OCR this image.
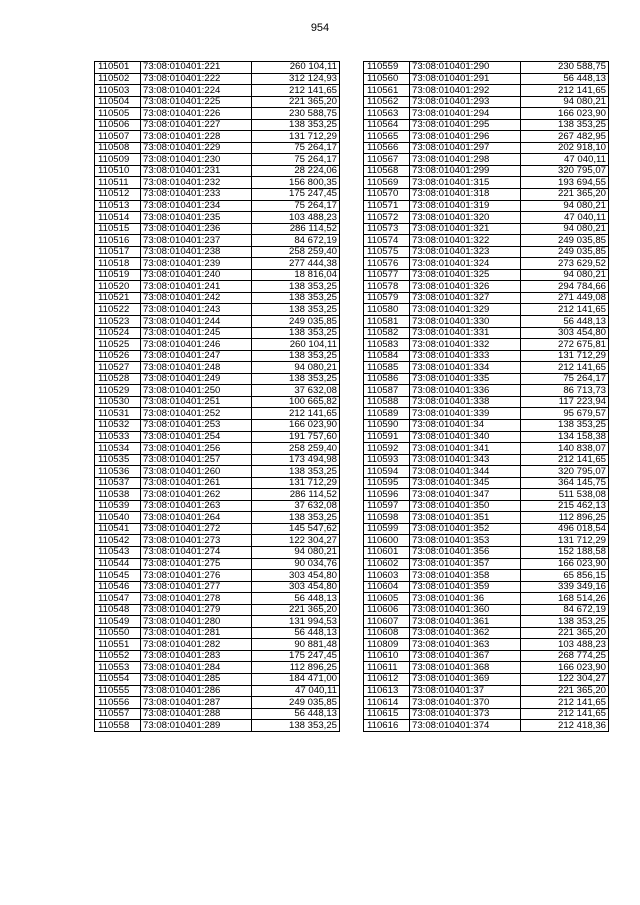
954
110501	73:08:010401:221	260 104,11
110502	73:08:010401:222	312 124,93
110503	73:08:010401:224	212 141,65
110504	73:08:010401:225	221 365,20
110505	73:08:010401:226	230 588,75
110506	73:08:010401:227	138 353,25
110507	73:08:010401:228	131 712,29
110508	73:08:010401:229	75 264,17
110509	73:08:010401:230	75 264,17
110510	73:08:010401:231	28 224,06
110511	73:08:010401:232	156 800,35
110512	73:08:010401:233	175 247,45
110513	73:08:010401:234	75 264,17
110514	73:08:010401:235	103 488,23
110515	73:08:010401:236	286 114,52
110516	73:08:010401:237	84 672,19
110517	73:08:010401:238	258 259,40
110518	73:08:010401:239	277 444,38
110519	73:08:010401:240	18 816,04
110520	73:08:010401:241	138 353,25
110521	73:08:010401:242	138 353,25
110522	73:08:010401:243	138 353,25
110523	73:08:010401:244	249 035,85
110524	73:08:010401:245	138 353,25
110525	73:08:010401:246	260 104,11
110526	73:08:010401:247	138 353,25
110527	73:08:010401:248	94 080,21
110528	73:08:010401:249	138 353,25
110529	73:08:010401:250	37 632,08
110530	73:08:010401:251	100 665,82
110531	73:08:010401:252	212 141,65
110532	73:08:010401:253	166 023,90
110533	73:08:010401:254	191 757,60
110534	73:08:010401:256	258 259,40
110535	73:08:010401:257	173 494,98
110536	73:08:010401:260	138 353,25
110537	73:08:010401:261	131 712,29
110538	73:08:010401:262	286 114,52
110539	73:08:010401:263	37 632,08
110540	73:08:010401:264	138 353,25
110541	73:08:010401:272	145 547,62
110542	73:08:010401:273	122 304,27
110543	73:08:010401:274	94 080,21
110544	73:08:010401:275	90 034,76
110545	73:08:010401:276	303 454,80
110546	73:08:010401:277	303 454,80
110547	73:08:010401:278	56 448,13
110548	73:08:010401:279	221 365,20
110549	73:08:010401:280	131 994,53
110550	73:08:010401:281	56 448,13
110551	73:08:010401:282	90 881,48
110552	73:08:010401:283	175 247,45
110553	73:08:010401:284	112 896,25
110554	73:08:010401:285	184 471,00
110555	73:08:010401:286	47 040,11
110556	73:08:010401:287	249 035,85
110557	73:08:010401:288	56 448,13
110558	73:08:010401:289	138 353,25
110559	73:08:010401:290	230 588,75
110560	73:08:010401:291	56 448,13
110561	73:08:010401:292	212 141,65
110562	73:08:010401:293	94 080,21
110563	73:08:010401:294	166 023,90
110564	73:08:010401:295	138 353,25
110565	73:08:010401:296	267 482,95
110566	73:08:010401:297	202 918,10
110567	73:08:010401:298	47 040,11
110568	73:08:010401:299	320 795,07
110569	73:08:010401:315	193 694,55
110570	73:08:010401:318	221 365,20
110571	73:08:010401:319	94 080,21
110572	73:08:010401:320	47 040,11
110573	73:08:010401:321	94 080,21
110574	73:08:010401:322	249 035,85
110575	73:08:010401:323	249 035,85
110576	73:08:010401:324	273 629,52
110577	73:08:010401:325	94 080,21
110578	73:08:010401:326	294 784,66
110579	73:08:010401:327	271 449,08
110580	73:08:010401:329	212 141,65
110581	73:08:010401:330	56 448,13
110582	73:08:010401:331	303 454,80
110583	73:08:010401:332	272 675,81
110584	73:08:010401:333	131 712,29
110585	73:08:010401:334	212 141,65
110586	73:08:010401:335	75 264,17
110587	73:08:010401:336	86 713,73
110588	73:08:010401:338	117 223,94
110589	73:08:010401:339	95 679,57
110590	73:08:010401:34	138 353,25
110591	73:08:010401:340	134 158,38
110592	73:08:010401:341	140 838,07
110593	73:08:010401:343	212 141,65
110594	73:08:010401:344	320 795,07
110595	73:08:010401:345	364 145,75
110596	73:08:010401:347	511 538,08
110597	73:08:010401:350	215 462,13
110598	73:08:010401:351	112 896,25
110599	73:08:010401:352	496 018,54
110600	73:08:010401:353	131 712,29
110601	73:08:010401:356	152 188,58
110602	73:08:010401:357	166 023,90
110603	73:08:010401:358	65 856,15
110604	73:08:010401:359	339 349,16
110605	73:08:010401:36	168 514,26
110606	73:08:010401:360	84 672,19
110607	73:08:010401:361	138 353,25
110608	73:08:010401:362	221 365,20
110809	73:08:010401:363	103 488,23
110610	73:08:010401:367	268 774,25
110611	73:08:010401:368	166 023,90
110612	73:08:010401:369	122 304,27
110613	73:08:010401:37	221 365,20
110614	73:08:010401:370	212 141,65
110615	73:08:010401:373	212 141,65
110616	73:08:010401:374	212 418,36
